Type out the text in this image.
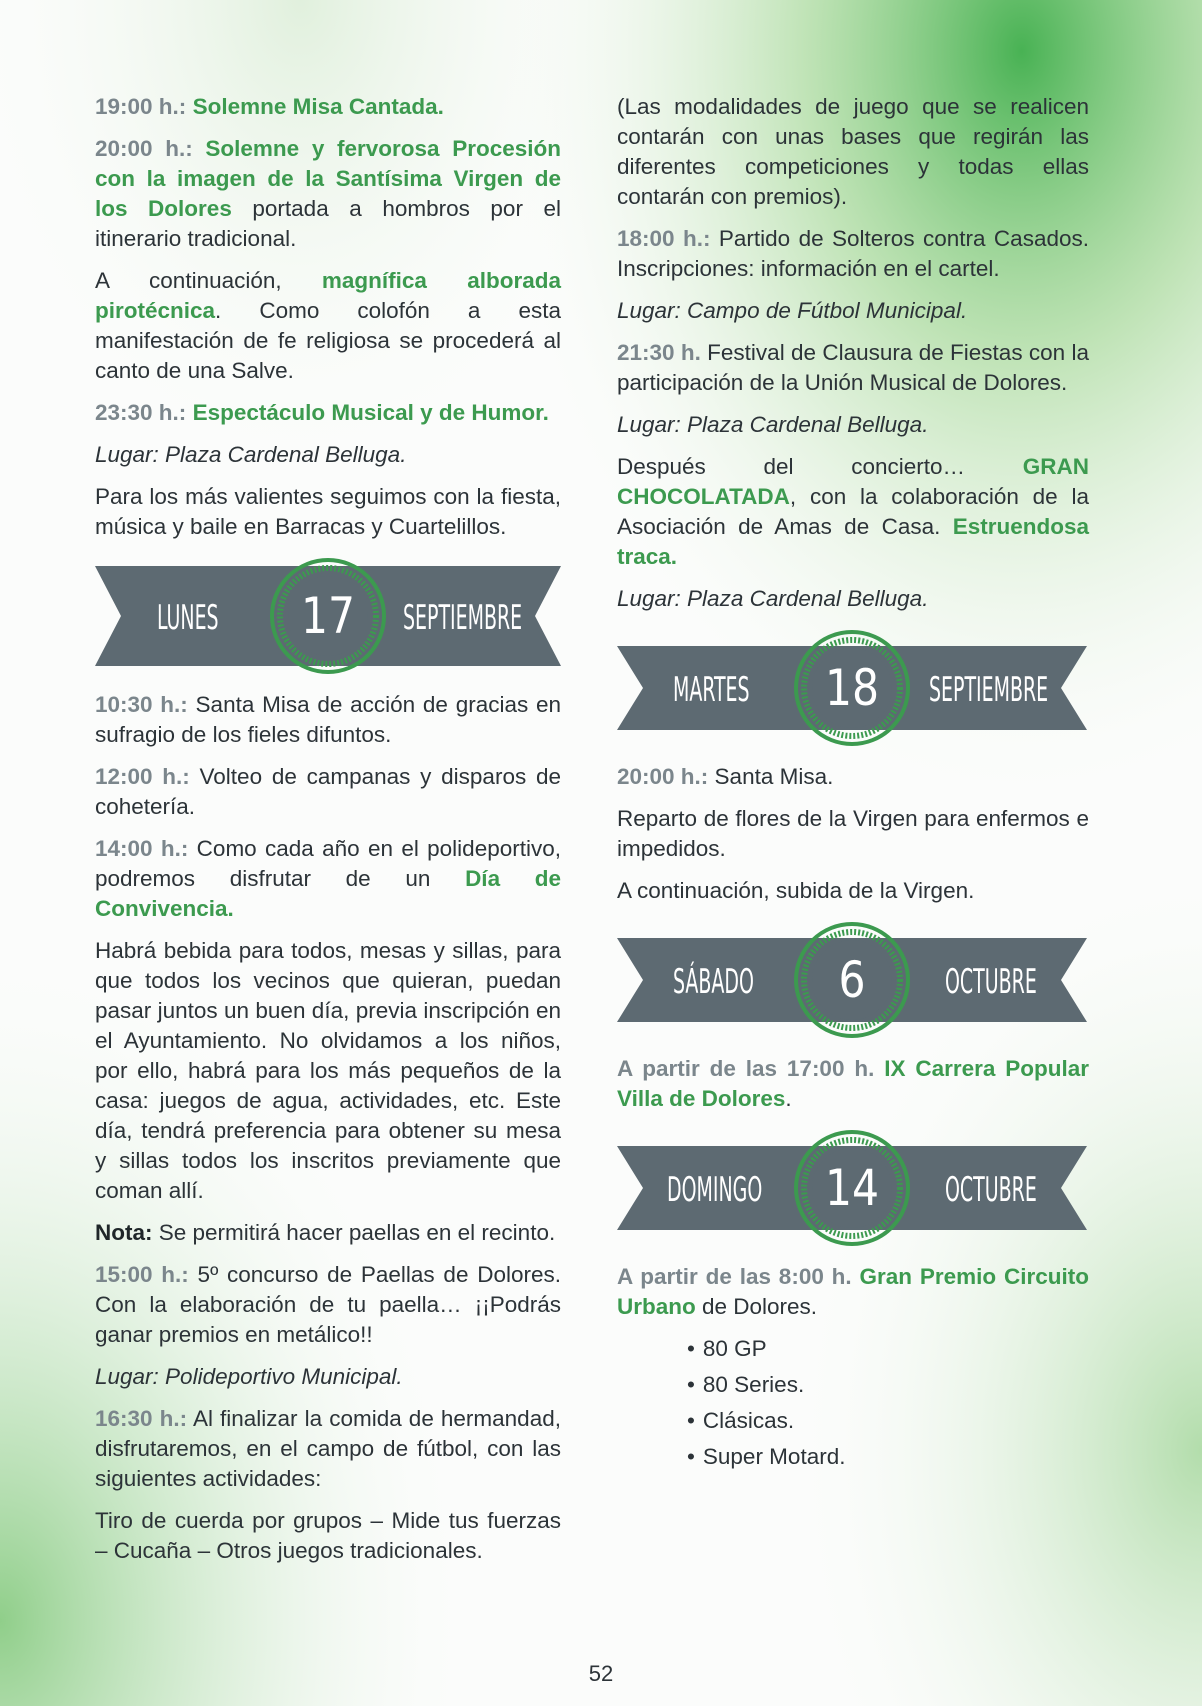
19:00 h.: Solemne Misa Cantada.

20:00 h.: Solemne y fervorosa Procesión con la imagen de la Santísima Virgen de los Dolores portada a hombros por el itinerario tradicional.

A continuación, magnífica alborada pirotécnica. Como colofón a esta manifestación de fe religiosa se procederá al canto de una Salve.

23:30 h.: Espectáculo Musical y de Humor.

Lugar: Plaza Cardenal Belluga.

Para los más valientes seguimos con la fiesta, música y baile en Barracas y Cuartelillos.

LUNES	17	SEPTIEMBRE

10:30 h.: Santa Misa de acción de gracias en sufragio de los fieles difuntos.

12:00 h.: Volteo de campanas y disparos de cohetería.

14:00 h.: Como cada año en el polideportivo, podremos disfrutar de un Día de Convivencia.

Habrá bebida para todos, mesas y sillas, para que todos los vecinos que quieran, puedan pasar juntos un buen día, previa inscripción en el Ayuntamiento. No olvidamos a los niños, por ello, habrá para los más pequeños de la casa: juegos de agua, actividades, etc. Este día, tendrá preferencia para obtener su mesa y sillas todos los inscritos previamente que coman allí.

Nota: Se permitirá hacer paellas en el recinto.

15:00 h.: 5º concurso de Paellas de Dolores. Con la elaboración de tu paella… ¡¡Podrás ganar premios en metálico!!

Lugar: Polideportivo Municipal.

16:30 h.: Al finalizar la comida de hermandad, disfrutaremos, en el campo de fútbol, con las siguientes actividades:

Tiro de cuerda por grupos – Mide tus fuerzas – Cucaña – Otros juegos tradicionales.

(Las modalidades de juego que se realicen contarán con unas bases que regirán las diferentes competiciones y todas ellas contarán con premios).

18:00 h.: Partido de Solteros contra Casados. Inscripciones: información en el cartel.

Lugar: Campo de Fútbol Municipal.

21:30 h. Festival de Clausura de Fiestas con la participación de la Unión Musical de Dolores.

Lugar: Plaza Cardenal Belluga.

Después del concierto… GRAN CHOCOLATADA, con la colaboración de la Asociación de Amas de Casa. Estruendosa traca.

Lugar: Plaza Cardenal Belluga.

MARTES	18	SEPTIEMBRE

20:00 h.: Santa Misa.

Reparto de flores de la Virgen para enfermos e impedidos.

A continuación, subida de la Virgen.

SÁBADO	6	OCTUBRE

A partir de las 17:00 h. IX Carrera Popular Villa de Dolores.

DOMINGO	14	OCTUBRE

A partir de las 8:00 h. Gran Premio Circuito Urbano de Dolores.

• 80 GP
• 80 Series.
• Clásicas.
• Super Motard.
52
